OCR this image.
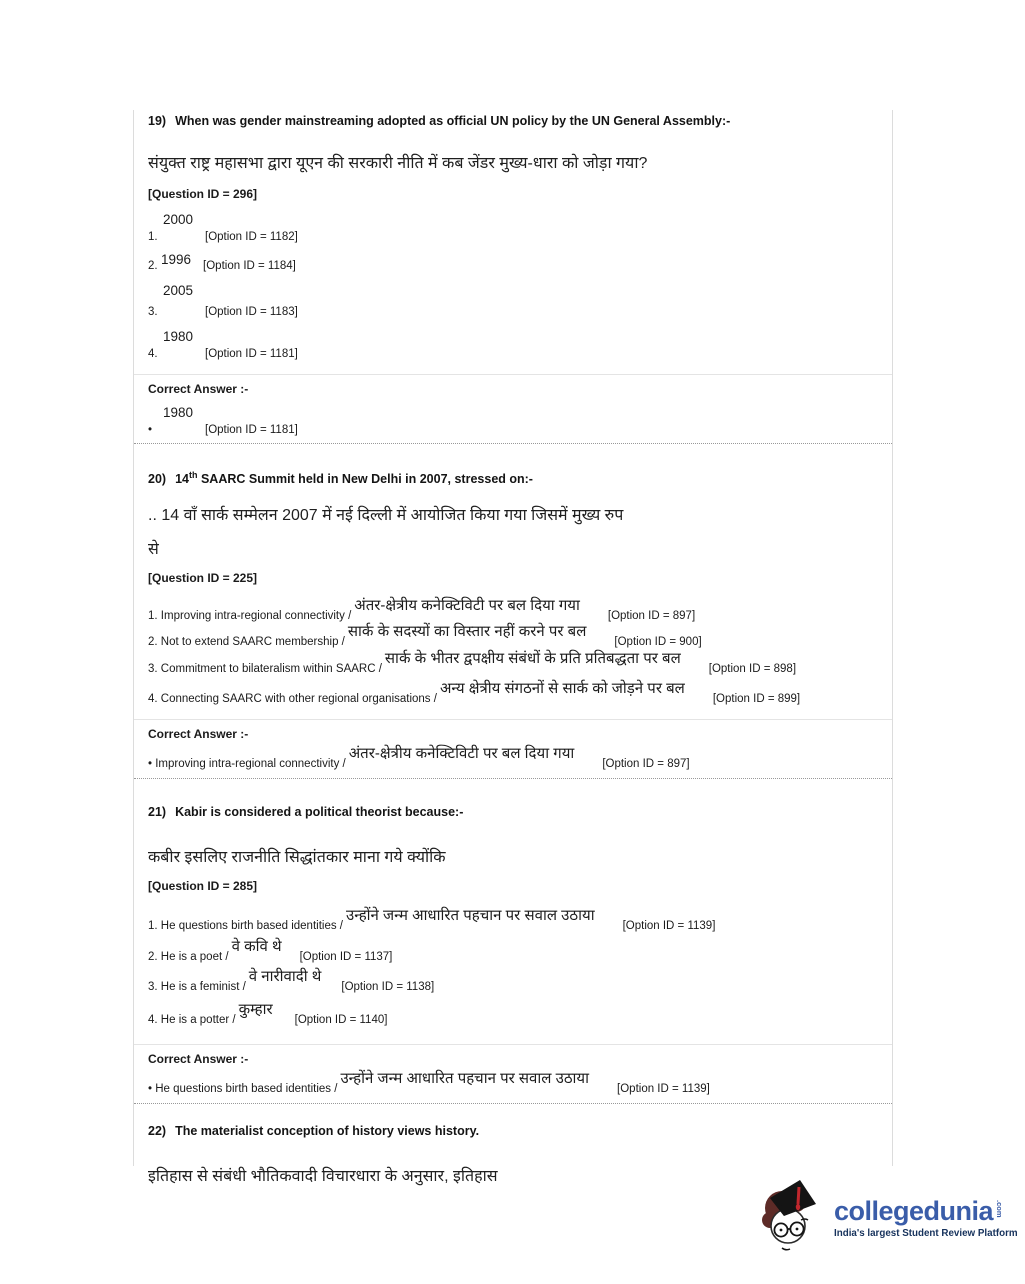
19) When was gender mainstreaming adopted as official UN policy by the UN General Assembly:-
संयुक्त राष्ट्र महासभा द्वारा यूएन की सरकारी नीति में कब जेंडर मुख्य-धारा को जोड़ा गया?
[Question ID = 296]
2000
1.	[Option ID = 1182]
2. 1996 [Option ID = 1184]
2005
3.	[Option ID = 1183]
1980
4.	[Option ID = 1181]
Correct Answer :-
1980
•	[Option ID = 1181]
20) 14th SAARC Summit held in New Delhi in 2007, stressed on:-
.. 14 वाँ सार्क सम्मेलन 2007 में नई दिल्ली में आयोजित किया गया जिसमें मुख्य रुप से
[Question ID = 225]
1. Improving intra-regional connectivity /
अंतर-क्षेत्रीय कनेक्टिविटी पर बल दिया गया
[Option ID = 897]
2. Not to extend SAARC membership /
सार्क के सदस्यों का विस्तार नहीं करने पर बल
[Option ID = 900]
3. Commitment to bilateralism within SAARC /
सार्क के भीतर द्वपक्षीय संबंधों के प्रति प्रतिबद्धता पर बल
[Option ID = 898]
4. Connecting SAARC with other regional organisations /
अन्य क्षेत्रीय संगठनों से सार्क को जोड़ने पर बल
[Option ID = 899]
Correct Answer :-
• Improving intra-regional connectivity /
अंतर-क्षेत्रीय कनेक्टिविटी पर बल दिया गया
[Option ID = 897]
21) Kabir is considered a political theorist because:-
कबीर इसलिए राजनीति सिद्धांतकार माना गये क्योंकि
[Question ID = 285]
1. He questions birth based identities /
उन्होंने जन्म आधारित पहचान पर सवाल उठाया
[Option ID = 1139]
2. He is a poet /
वे कवि थे
[Option ID = 1137]
3. He is a feminist /
वे नारीवादी थे
[Option ID = 1138]
4. He is a potter /
कुम्हार
[Option ID = 1140]
Correct Answer :-
• He questions birth based identities /
उन्होंने जन्म आधारित पहचान पर सवाल उठाया
[Option ID = 1139]
22) The materialist conception of history views history.
इतिहास से संबंधी भौतिकवादी विचारधारा के अनुसार, इतिहास
collegedunia .com
India's largest Student Review Platform
